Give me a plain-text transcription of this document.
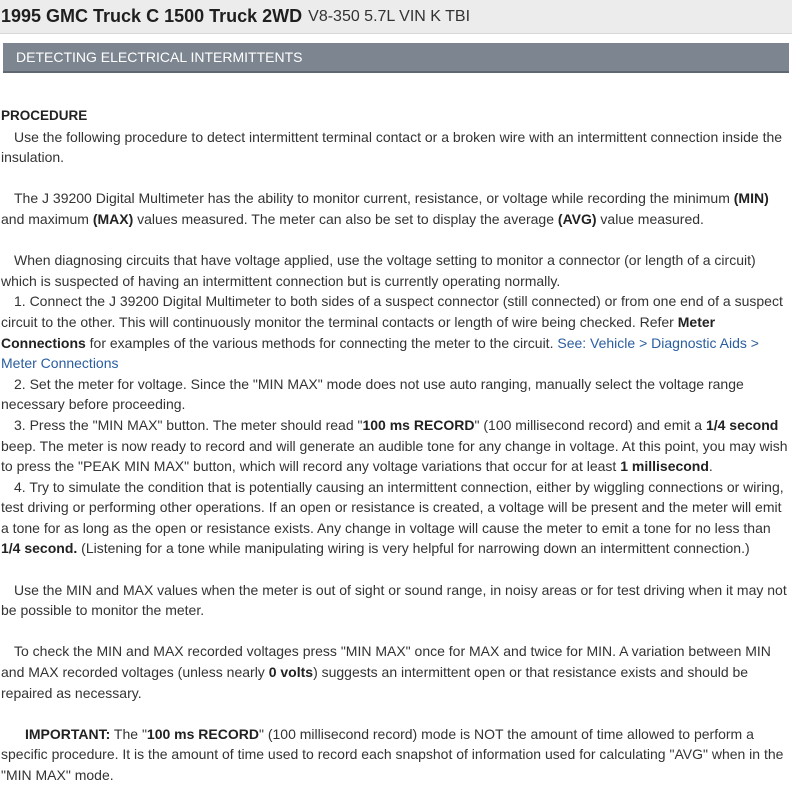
1995 GMC Truck C 1500 Truck 2WD V8-350 5.7L VIN K TBI
DETECTING ELECTRICAL INTERMITTENTS

PROCEDURE

Use the following procedure to detect intermittent terminal contact or a broken wire with an intermittent connection inside the insulation.

The J 39200 Digital Multimeter has the ability to monitor current, resistance, or voltage while recording the minimum (MIN) and maximum (MAX) values measured. The meter can also be set to display the average (AVG) value measured.

When diagnosing circuits that have voltage applied, use the voltage setting to monitor a connector (or length of a circuit) which is suspected of having an intermittent connection but is currently operating normally.

1. Connect the J 39200 Digital Multimeter to both sides of a suspect connector (still connected) or from one end of a suspect circuit to the other. This will continuously monitor the terminal contacts or length of wire being checked. Refer Meter Connections for examples of the various methods for connecting the meter to the circuit. See: Vehicle > Diagnostic Aids > Meter Connections

2. Set the meter for voltage. Since the "MIN MAX" mode does not use auto ranging, manually select the voltage range necessary before proceeding.

3. Press the "MIN MAX" button. The meter should read "100 ms RECORD" (100 millisecond record) and emit a 1/4 second beep. The meter is now ready to record and will generate an audible tone for any change in voltage. At this point, you may wish to press the "PEAK MIN MAX" button, which will record any voltage variations that occur for at least 1 millisecond.

4. Try to simulate the condition that is potentially causing an intermittent connection, either by wiggling connections or wiring, test driving or performing other operations. If an open or resistance is created, a voltage will be present and the meter will emit a tone for as long as the open or resistance exists. Any change in voltage will cause the meter to emit a tone for no less than 1/4 second. (Listening for a tone while manipulating wiring is very helpful for narrowing down an intermittent connection.)

Use the MIN and MAX values when the meter is out of sight or sound range, in noisy areas or for test driving when it may not be possible to monitor the meter.

To check the MIN and MAX recorded voltages press "MIN MAX" once for MAX and twice for MIN. A variation between MIN and MAX recorded voltages (unless nearly 0 volts) suggests an intermittent open or that resistance exists and should be repaired as necessary.

IMPORTANT: The "100 ms RECORD" (100 millisecond record) mode is NOT the amount of time allowed to perform a specific procedure. It is the amount of time used to record each snapshot of information used for calculating "AVG" when in the "MIN MAX" mode.
